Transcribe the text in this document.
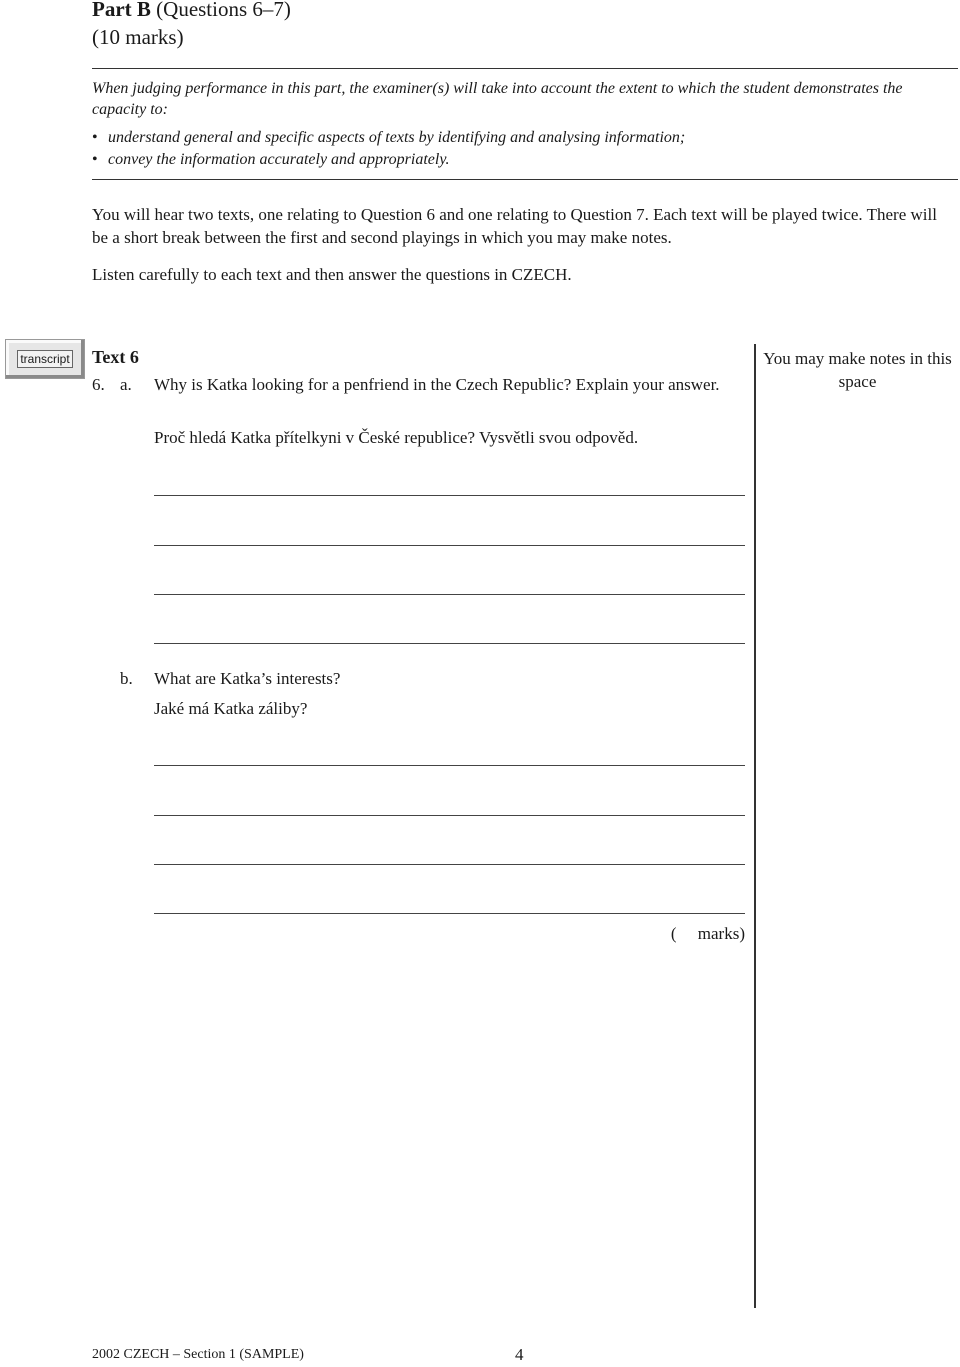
Part B (Questions 6–7)
(10 marks)
When judging performance in this part, the examiner(s) will take into account the extent to which the student demonstrates the capacity to:
• understand general and specific aspects of texts by identifying and analysing information;
• convey the information accurately and appropriately.
You will hear two texts, one relating to Question 6 and one relating to Question 7. Each text will be played twice. There will be a short break between the first and second playings in which you may make notes.
Listen carefully to each text and then answer the questions in CZECH.
transcript Text 6
6. a. Why is Katka looking for a penfriend in the Czech Republic? Explain your answer.
Proč hledá Katka přítelkyni v České republice? Vysvětli svou odpověd.
b. What are Katka’s interests?
Jaké má Katka záliby?
(     marks)
You may make notes in this space
2002 CZECH – Section 1 (SAMPLE)	4
